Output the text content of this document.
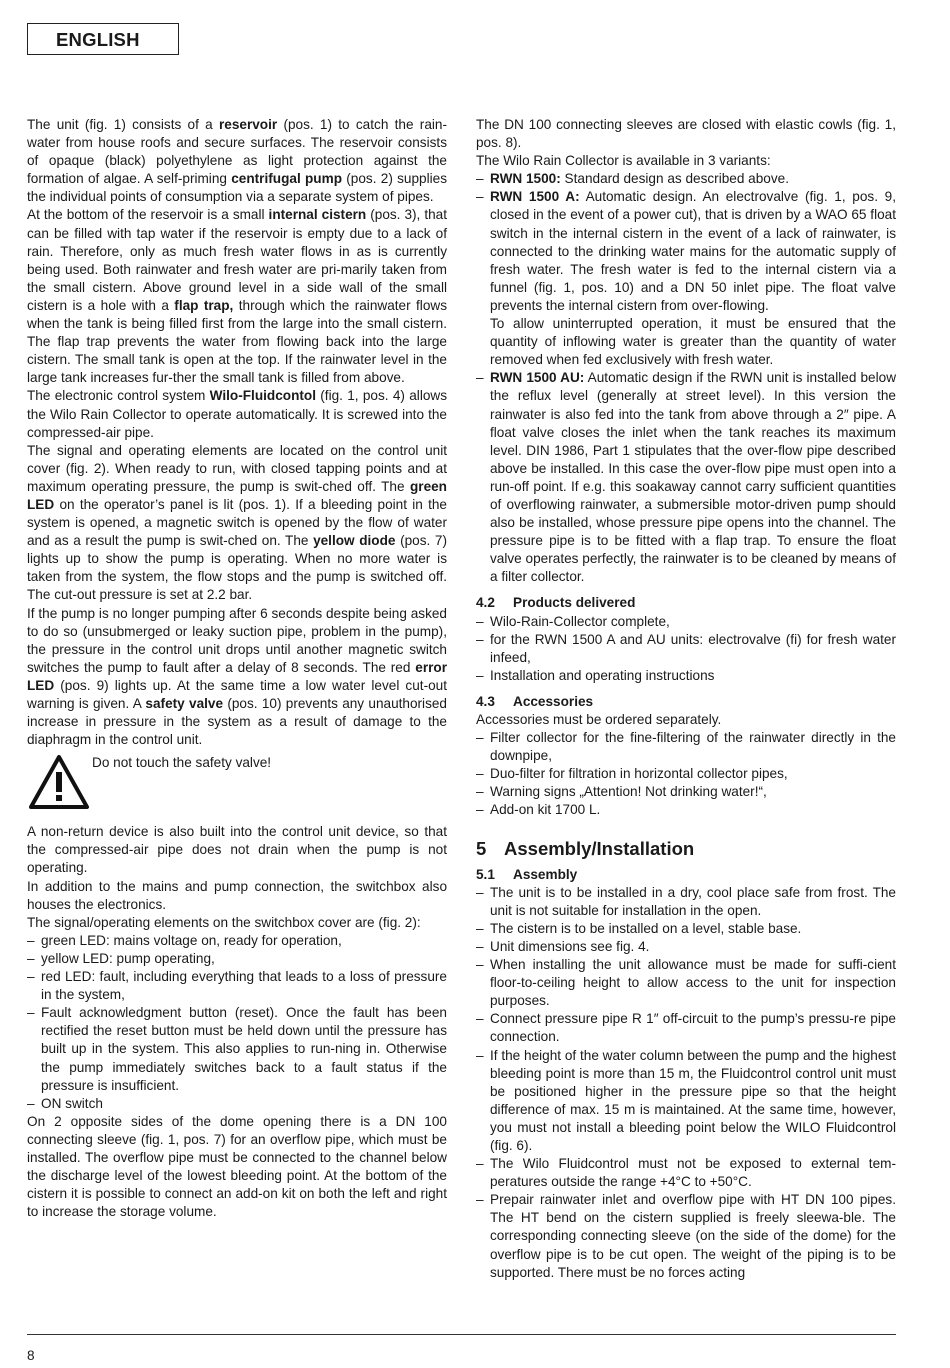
ENGLISH

The unit (fig. 1) consists of a reservoir (pos. 1) to catch the rain-water from house roofs and secure surfaces. The reservoir consists of opaque (black) polyethylene as light protection against the formation of algae. A self-priming centrifugal pump (pos. 2) supplies the individual points of consumption via a separate system of pipes.

At the bottom of the reservoir is a small internal cistern (pos. 3), that can be filled with tap water if the reservoir is empty due to a lack of rain. Therefore, only as much fresh water flows in as is currently being used. Both rainwater and fresh water are pri-marily taken from the small cistern. Above ground level in a side wall of the small cistern is a hole with a flap trap, through which the rainwater flows when the tank is being filled first from the large into the small cistern. The flap trap prevents the water from flowing back into the large cistern. The small tank is open at the top. If the rainwater level in the large tank increases fur-ther the small tank is filled from above.

The electronic control system Wilo-Fluidcontol (fig. 1, pos. 4) allows the Wilo Rain Collector to operate automatically. It is screwed into the compressed-air pipe.

The signal and operating elements are located on the control unit cover (fig. 2). When ready to run, with closed tapping points and at maximum operating pressure, the pump is swit-ched off. The green LED on the operator’s panel is lit (pos. 1). If a bleeding point in the system is opened, a magnetic switch is opened by the flow of water and as a result the pump is swit-ched on. The yellow diode (pos. 7) lights up to show the pump is operating. When no more water is taken from the system, the flow stops and the pump is switched off. The cut-out pressure is set at 2.2 bar.

If the pump is no longer pumping after 6 seconds despite being asked to do so (unsubmerged or leaky suction pipe, problem in the pump), the pressure in the control unit drops until another magnetic switch switches the pump to fault after a delay of 8 seconds. The red error LED (pos. 9) lights up. At the same time a low water level cut-out warning is given. A safety valve (pos. 10) prevents any unauthorised increase in pressure in the system as a result of damage to the diaphragm in the control unit.

Do not touch the safety valve!

A non-return device is also built into the control unit device, so that the compressed-air pipe does not drain when the pump is not operating.

In addition to the mains and pump connection, the switchbox also houses the electronics.

The signal/operating elements on the switchbox cover are (fig. 2):

– green LED: mains voltage on, ready for operation,
– yellow LED: pump operating,
– red LED: fault, including everything that leads to a loss of pressure in the system,
– Fault acknowledgment button (reset). Once the fault has been rectified the reset button must be held down until the pressure has built up in the system. This also applies to run-ning in. Otherwise the pump immediately switches back to a fault status if the pressure is insufficient.
– ON switch

On 2 opposite sides of the dome opening there is a DN 100 connecting sleeve (fig. 1, pos. 7) for an overflow pipe, which must be installed. The overflow pipe must be connected to the channel below the discharge level of the lowest bleeding point. At the bottom of the cistern it is possible to connect an add-on kit on both the left and right to increase the storage volume.

The DN 100 connecting sleeves are closed with elastic cowls (fig. 1, pos. 8).

The Wilo Rain Collector is available in 3 variants:

– RWN 1500: Standard design as described above.
– RWN 1500 A: Automatic design. An electrovalve (fig. 1, pos. 9, closed in the event of a power cut), that is driven by a WAO 65 float switch in the internal cistern in the event of a lack of rainwater, is connected to the drinking water mains for the automatic supply of fresh water. The fresh water is fed to the internal cistern via a funnel (fig. 1, pos. 10) and a DN 50 inlet pipe. The float valve prevents the internal cistern from over-flowing.
To allow uninterrupted operation, it must be ensured that the quantity of inflowing water is greater than the quantity of water removed when fed exclusively with fresh water.
– RWN 1500 AU: Automatic design if the RWN unit is installed below the reflux level (generally at street level). In this version the rainwater is also fed into the tank from above through a 2″ pipe. A float valve closes the inlet when the tank reaches its maximum level. DIN 1986, Part 1 stipulates that the over-flow pipe described above be installed. In this case the over-flow pipe must open into a run-off point. If e.g. this soakaway cannot carry sufficient quantities of overflowing rainwater, a submersible motor-driven pump should also be installed, whose pressure pipe opens into the channel. The pressure pipe is to be fitted with a flap trap. To ensure the float valve operates perfectly, the rainwater is to be cleaned by means of a filter collector.
4.2 Products delivered
– Wilo-Rain-Collector complete,
– for the RWN 1500 A and AU units: electrovalve (fi) for fresh water infeed,
– Installation and operating instructions
4.3 Accessories

Accessories must be ordered separately.

– Filter collector for the fine-filtering of the rainwater directly in the downpipe,
– Duo-filter for filtration in horizontal collector pipes,
– Warning signs „Attention! Not drinking water!“,
– Add-on kit 1700 L.
5 Assembly/Installation
5.1 Assembly
– The unit is to be installed in a dry, cool place safe from frost. The unit is not suitable for installation in the open.
– The cistern is to be installed on a level, stable base.
– Unit dimensions see fig. 4.
– When installing the unit allowance must be made for suffi-cient floor-to-ceiling height to allow access to the unit for inspection purposes.
– Connect pressure pipe R 1″ off-circuit to the pump’s pressu-re pipe connection.
– If the height of the water column between the pump and the highest bleeding point is more than 15 m, the Fluidcontrol control unit must be positioned higher in the pressure pipe so that the height difference of max. 15 m is maintained. At the same time, however, you must not install a bleeding point below the WILO Fluidcontrol (fig. 6).
– The Wilo Fluidcontrol must not be exposed to external tem-peratures outside the range +4°C to +50°C.
– Prepair rainwater inlet and overflow pipe with HT DN 100 pipes. The HT bend on the cistern supplied is freely sleewa-ble. The corresponding connecting sleeve (on the side of the dome) for the overflow pipe is to be cut open. The weight of the piping is to be supported. There must be no forces acting
8
